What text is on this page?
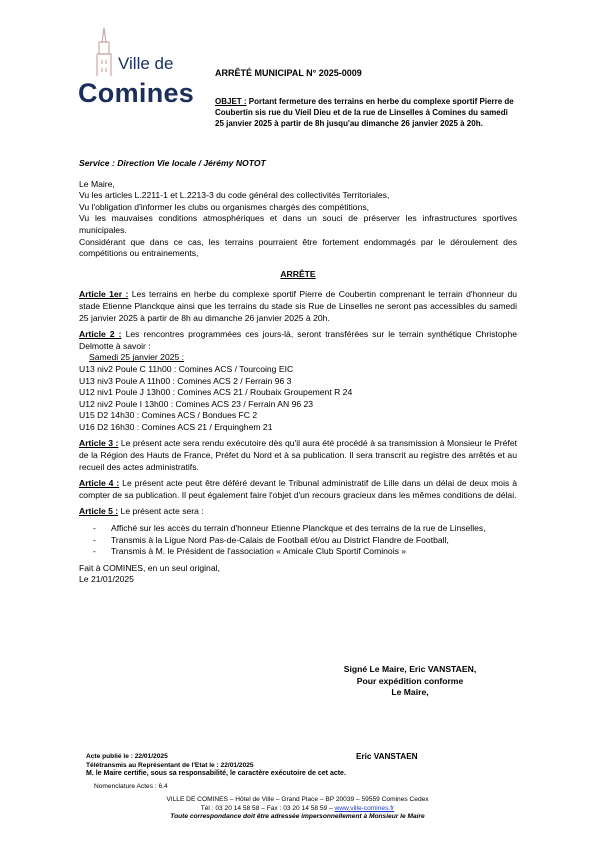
Ville de
Comines
ARRÊTÉ MUNICIPAL N° 2025-0009
OBJET : Portant fermeture des terrains en herbe du complexe sportif Pierre de Coubertin sis rue du Vieil Dieu et de la rue de Linselles à Comines du samedi 25 janvier 2025 à partir de 8h jusqu'au dimanche 26 janvier 2025 à 20h.

Service : Direction Vie locale / Jérémy NOTOT

Le Maire,

Vu les articles L.2211-1 et L.2213-3 du code général des collectivités Territoriales,

Vu l'obligation d'informer les clubs ou organismes chargés des compétitions,

Vu les mauvaises conditions atmosphériques et dans un souci de préserver les infrastructures sportives municipales.

Considérant que dans ce cas, les terrains pourraient être fortement endommagés par le déroulement des compétitions ou entrainements,

ARRÊTE

Article 1er : Les terrains en herbe du complexe sportif Pierre de Coubertin comprenant le terrain d'honneur du stade Etienne Planckque ainsi que les terrains du stade sis Rue de Linselles ne seront pas accessibles du samedi 25 janvier 2025 à partir de 8h au dimanche 26 janvier 2025 à 20h.

Article 2 : Les rencontres programmées ces jours-là, seront transférées sur le terrain synthétique Christophe Delmotte à savoir :

Samedi 25 janvier 2025 :

U13 niv2 Poule C 11h00 : Comines ACS / Tourcoing EIC

U13 niv3 Poule A 11h00 : Comines ACS 2 / Ferrain 96 3

U12 niv1 Poule J 13h00 : Comines ACS 21 / Roubaix Groupement R 24

U12 niv2 Poule I 13h00 : Comines ACS 23 / Ferrain AN 96 23

U15 D2 14h30 : Comines ACS / Bondues FC 2

U16 D2 16h30 : Comines ACS 21 / Erquinghem 21

Article 3 : Le présent acte sera rendu exécutoire dès qu'il aura été procédé à sa transmission à Monsieur le Préfet de la Région des Hauts de France, Préfet du Nord et à sa publication. Il sera transcrit au registre des arrêtés et au recueil des actes administratifs.

Article 4 : Le présent acte peut être déféré devant le Tribunal administratif de Lille dans un délai de deux mois à compter de sa publication. Il peut également faire l'objet d'un recours gracieux dans les mêmes conditions de délai.

Article 5 : Le présent acte sera :

- Affiché sur les accès du terrain d'honneur Etienne Planckque et des terrains de la rue de Linselles,
- Transmis à la Ligue Nord Pas-de-Calais de Football et/ou au District Flandre de Football,
- Transmis à M. le Président de l'association « Amicale Club Sportif Cominois »

Fait à COMINES, en un seul original,

Le 21/01/2025

Signé Le Maire, Eric VANSTAEN,

Pour expédition conforme

Le Maire,

Acte publié le : 22/01/2025	Eric VANSTAEN
Télétransmis au Représentant de l'Etat le : 22/01/2025
M. le Maire certifie, sous sa responsabilité, le caractère exécutoire de cet acte.
Nomenclature Actes : 6.4
VILLE DE COMINES – Hôtel de Ville – Grand Place – BP 20039 – 59559 Comines Cedex
Tél : 03 20 14 58 58 – Fax : 03 20 14 58 59 – www.ville-comines.fr
Toute correspondance doit être adressée impersonnellement à Monsieur le Maire
